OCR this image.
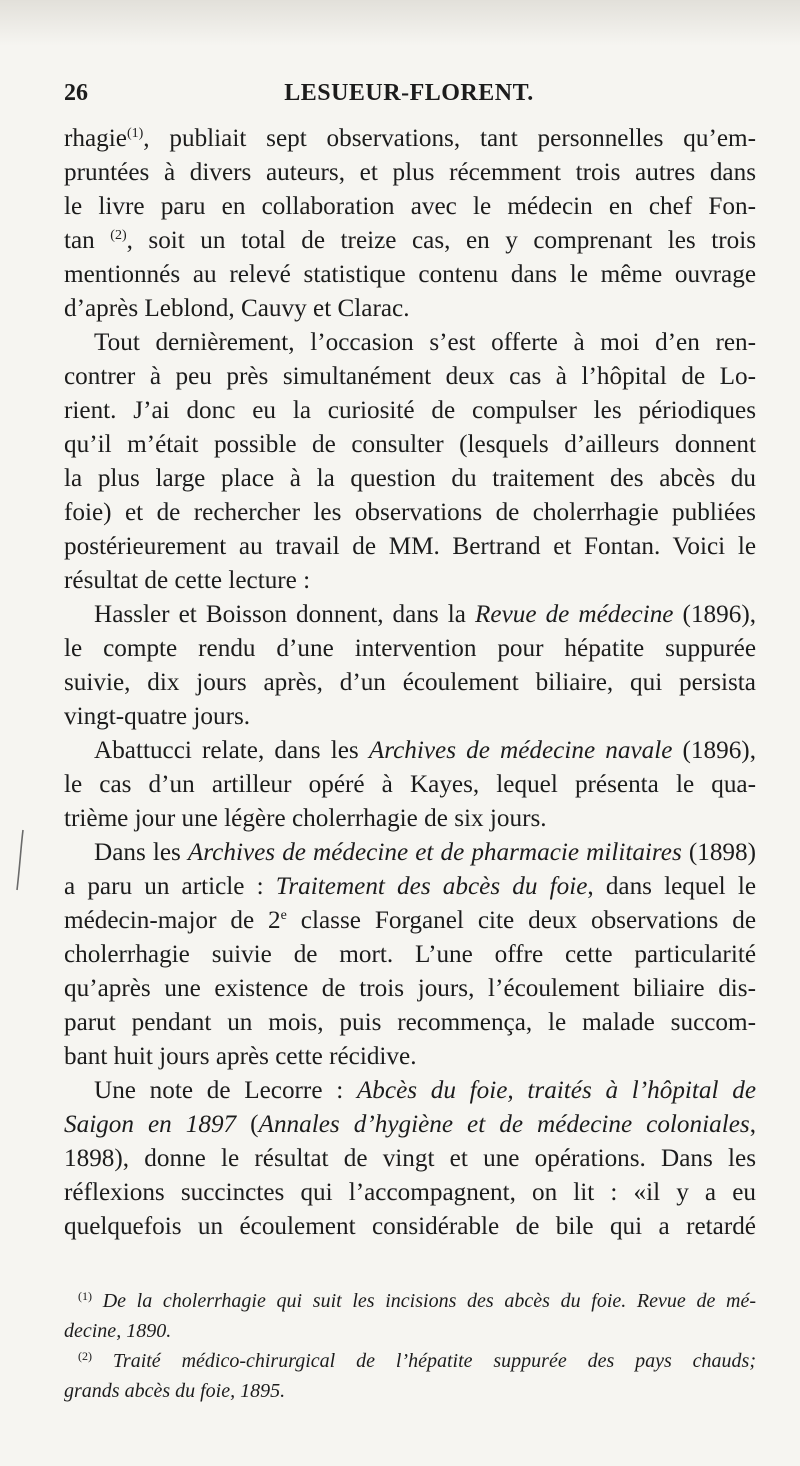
26	LESUEUR-FLORENT.
rhagie$^{(1)}$, publiait sept observations, tant personnelles qu’em-
pruntées à divers auteurs, et plus récemment trois autres dans
le livre paru en collaboration avec le médecin en chef Fon-
tan $^{(2)}$, soit un total de treize cas, en y comprenant les trois
mentionnés au relevé statistique contenu dans le même ouvrage
d’après Leblond, Cauvy et Clarac.
Tout dernièrement, l’occasion s’est offerte à moi d’en ren-
contrer à peu près simultanément deux cas à l’hôpital de Lo-
rient. J’ai donc eu la curiosité de compulser les périodiques
qu’il m’était possible de consulter (lesquels d’ailleurs donnent
la plus large place à la question du traitement des abcès du
foie) et de rechercher les observations de cholerrhagie publiées
postérieurement au travail de MM. Bertrand et Fontan. Voici le
résultat de cette lecture :
Hassler et Boisson donnent, dans la Revue de médecine (1896),
le compte rendu d’une intervention pour hépatite suppurée
suivie, dix jours après, d’un écoulement biliaire, qui persista
vingt-quatre jours.
Abattucci relate, dans les Archives de médecine navale (1896),
le cas d’un artilleur opéré à Kayes, lequel présenta le qua-
trième jour une légère cholerrhagie de six jours.
Dans les Archives de médecine et de pharmacie militaires (1898)
a paru un article : Traitement des abcès du foie, dans lequel le
médecin-major de 2e classe Forganel cite deux observations de
cholerrhagie suivie de mort. L’une offre cette particularité
qu’après une existence de trois jours, l’écoulement biliaire dis-
parut pendant un mois, puis recommença, le malade succom-
bant huit jours après cette récidive.
Une note de Lecorre : Abcès du foie, traités à l’hôpital de
Saigon en 1897 (Annales d’hygiène et de médecine coloniales,
1898), donne le résultat de vingt et une opérations. Dans les
réflexions succinctes qui l’accompagnent, on lit : «il y a eu
quelquefois un écoulement considérable de bile qui a retardé
$^{(1)}$ De la cholerrhagie qui suit les incisions des abcès du foie. Revue de mé-
decine, 1890.
$^{(2)}$ Traité médico-chirurgical de l’hépatite suppurée des pays chauds;
grands abcès du foie, 1895.
